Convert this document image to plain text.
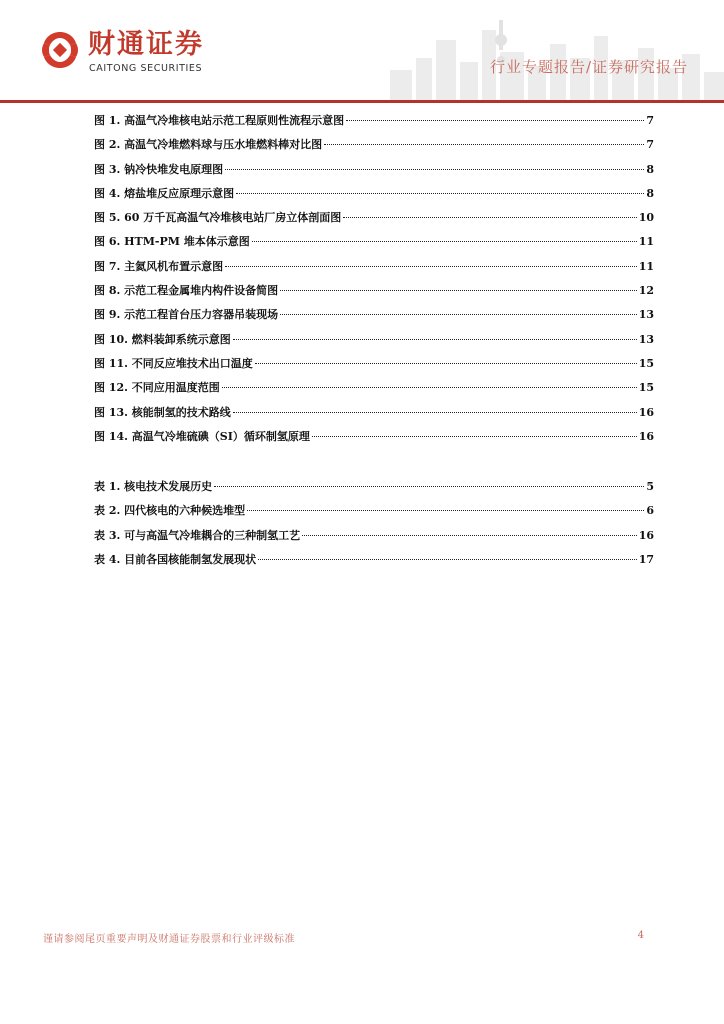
财通证券
CAITONG SECURITIES	行业专题报告/证券研究报告
图 1. 高温气冷堆核电站示范工程原则性流程示意图	7
图 2. 高温气冷堆燃料球与压水堆燃料棒对比图	7
图 3. 钠冷快堆发电原理图	8
图 4. 熔盐堆反应原理示意图	8
图 5. 60 万千瓦高温气冷堆核电站厂房立体剖面图	10
图 6. HTM-PM 堆本体示意图	11
图 7. 主氦风机布置示意图	11
图 8. 示范工程金属堆内构件设备简图	12
图 9. 示范工程首台压力容器吊装现场	13
图 10. 燃料装卸系统示意图	13
图 11. 不同反应堆技术出口温度	15
图 12. 不同应用温度范围	15
图 13. 核能制氢的技术路线	16
图 14. 高温气冷堆硫碘（SI）循环制氢原理	16
表 1. 核电技术发展历史	5
表 2. 四代核电的六种候选堆型	6
表 3. 可与高温气冷堆耦合的三种制氢工艺	16
表 4. 目前各国核能制氢发展现状	17
谨请参阅尾页重要声明及财通证券股票和行业评级标准	4
